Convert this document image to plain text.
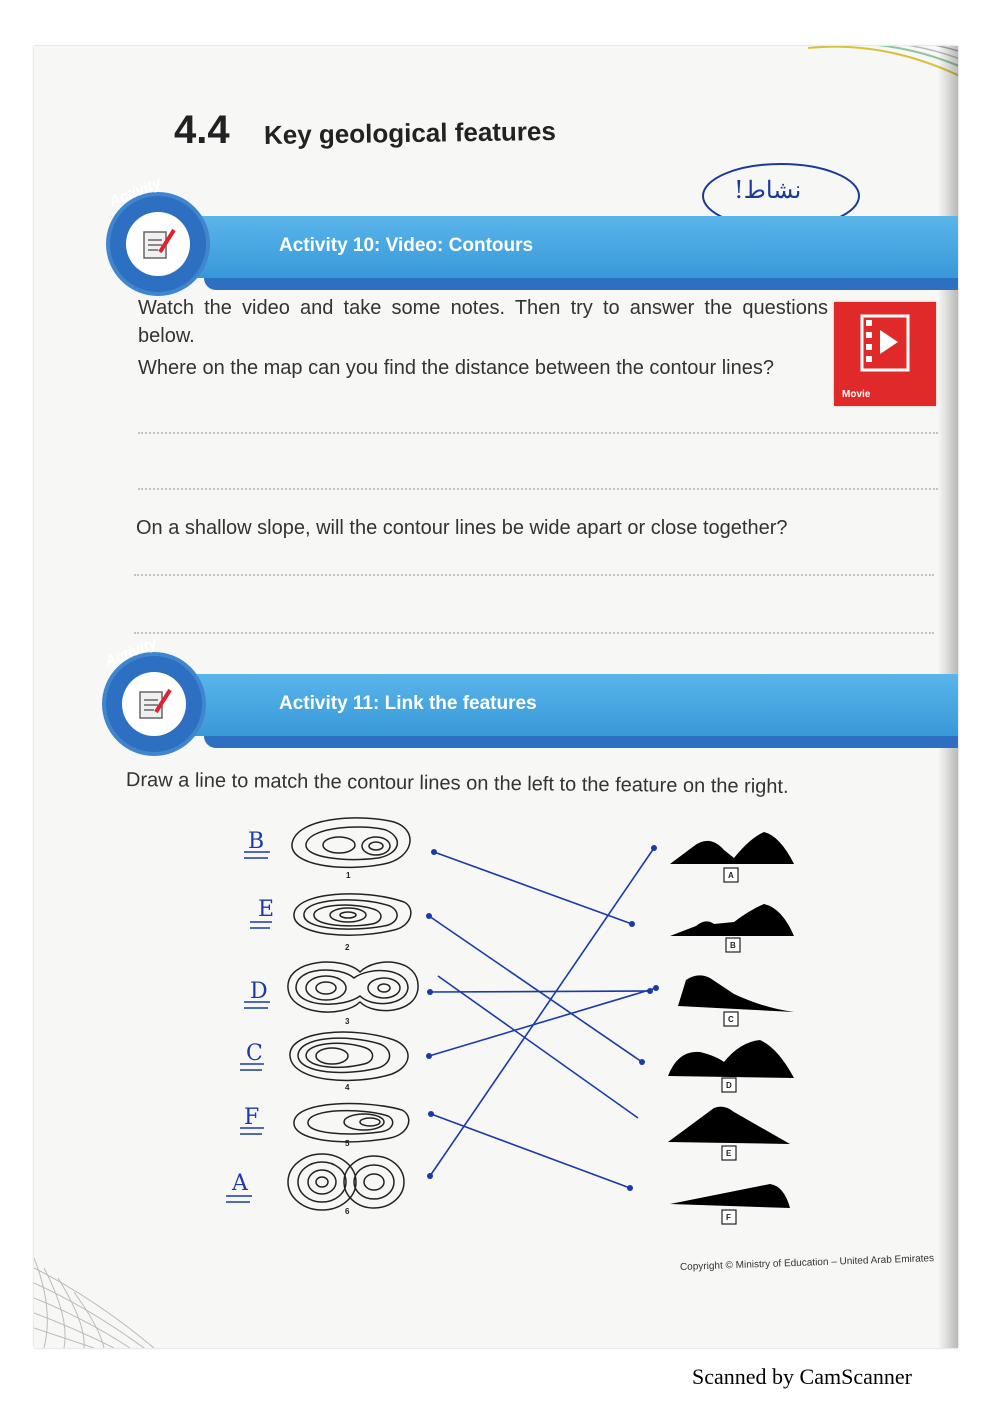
4.4 Key geological features
!نشاط
Activity 10: Video: Contours
Activity
Watch the video and take some notes. Then try to answer the questions below.
Where on the map can you find the distance between the contour lines?
Movie
On a shallow slope, will the contour lines be wide apart or close together?
Activity 11: Link the features
Activity
Draw a line to match the contour lines on the left to the feature on the right.
B
E
D
C
F
A
1
2
3
4
5
6
A
B
C
D
E
F
Copyright © Ministry of Education – United Arab Emirates
Scanned by CamScanner
